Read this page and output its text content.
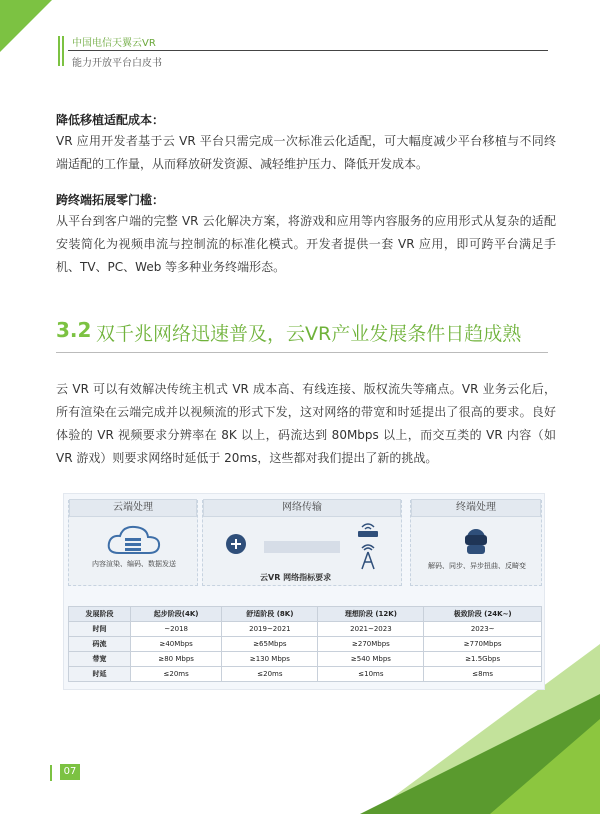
中国电信天翼云VR
能力开放平台白皮书
降低移植适配成本：
VR 应用开发者基于云 VR 平台只需完成一次标准云化适配，可大幅度减少平台移植与不同终端适配的工作量，从而释放研发资源、减轻维护压力、降低开发成本。
跨终端拓展零门槛：
从平台到客户端的完整 VR 云化解决方案，将游戏和应用等内容服务的应用形式从复杂的适配安装简化为视频串流与控制流的标准化模式。开发者提供一套 VR 应用，即可跨平台满足手机、TV、PC、Web 等多种业务终端形态。
3.2 双千兆网络迅速普及，云VR产业发展条件日趋成熟
云 VR 可以有效解决传统主机式 VR 成本高、有线连接、版权流失等痛点。VR 业务云化后，所有渲染在云端完成并以视频流的形式下发，这对网络的带宽和时延提出了很高的要求。良好体验的 VR 视频要求分辨率在 8K 以上，码流达到 80Mbps 以上，而交互类的 VR 内容（如 VR 游戏）则要求网络时延低于 20ms，这些都对我们提出了新的挑战。
云端处理
内容渲染、编码、数据发送
网络传输
云VR 网络指标要求
终端处理
解码、同步、异步扭曲、反畸变
发展阶段	起步阶段(4K)	舒适阶段 (8K)	理想阶段 (12K)	极致阶段 (24K~)
时间	~2018	2019~2021	2021~2023	2023~
码流	≥40Mbps	≥65Mbps	≥270Mbps	≥770Mbps
带宽	≥80 Mbps	≥130 Mbps	≥540 Mbps	≥1.5Gbps
时延	≤20ms	≤20ms	≤10ms	≤8ms
07
